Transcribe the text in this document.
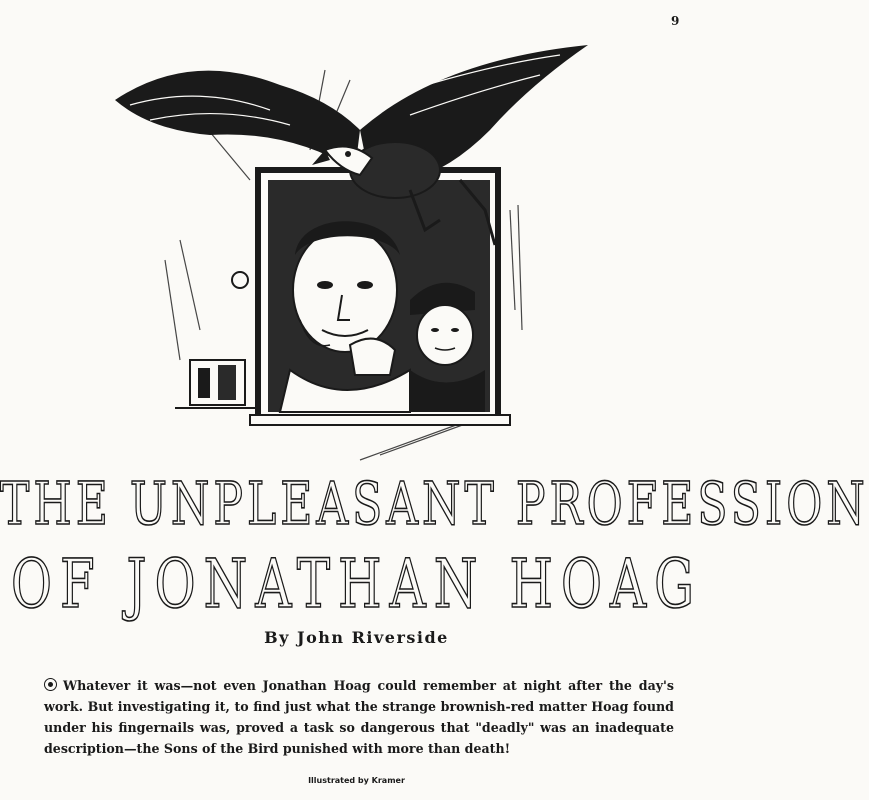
9
THE UNPLEASANT PROFESSION
OF JONATHAN HOAG
By John Riverside
Whatever it was—not even Jonathan Hoag could remember at night after the day's work. But investigating it, to find just what the strange brownish-red matter Hoag found under his fingernails was, proved a task so dangerous that "deadly" was an inadequate description—the Sons of the Bird punished with more than death!
Illustrated by Kramer
